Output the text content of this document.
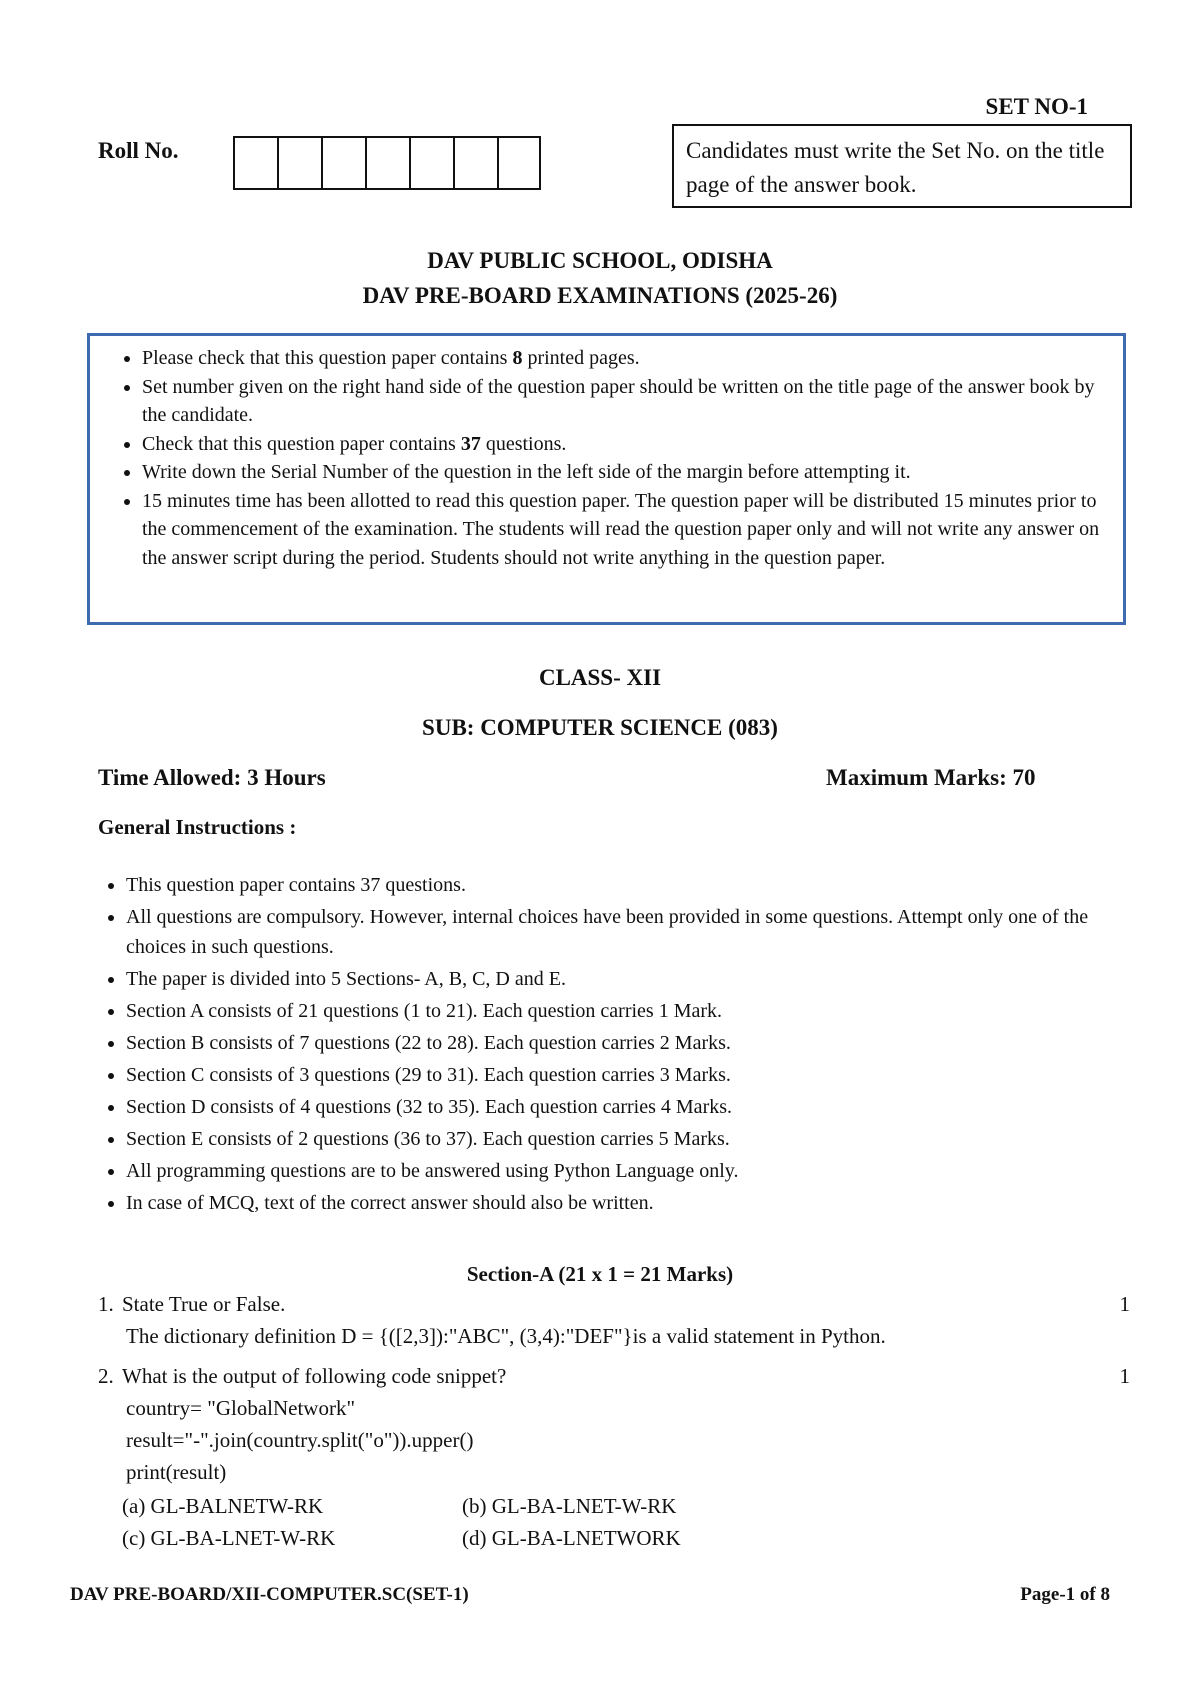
SET NO-1
Roll No.	Candidates must write the Set No. on the title page of the answer book.
DAV PUBLIC SCHOOL, ODISHA
DAV PRE-BOARD EXAMINATIONS (2025-26)
• Please check that this question paper contains 8 printed pages.
• Set number given on the right hand side of the question paper should be written on the title page of the answer book by the candidate.
• Check that this question paper contains 37 questions.
• Write down the Serial Number of the question in the left side of the margin before attempting it.
• 15 minutes time has been allotted to read this question paper. The question paper will be distributed 15 minutes prior to the commencement of the examination. The students will read the question paper only and will not write any answer on the answer script during the period. Students should not write anything in the question paper.
CLASS- XII
SUB: COMPUTER SCIENCE (083)
Time Allowed: 3 Hours	Maximum Marks: 70
General Instructions :
• This question paper contains 37 questions.
• All questions are compulsory. However, internal choices have been provided in some questions. Attempt only one of the choices in such questions.
• The paper is divided into 5 Sections- A, B, C, D and E.
• Section A consists of 21 questions (1 to 21). Each question carries 1 Mark.
• Section B consists of 7 questions (22 to 28). Each question carries 2 Marks.
• Section C consists of 3 questions (29 to 31). Each question carries 3 Marks.
• Section D consists of 4 questions (32 to 35). Each question carries 4 Marks.
• Section E consists of 2 questions (36 to 37). Each question carries 5 Marks.
• All programming questions are to be answered using Python Language only.
• In case of MCQ, text of the correct answer should also be written.
Section-A (21 x 1 = 21 Marks)
1. State True or False.	1
The dictionary definition D = {([2,3]):"ABC", (3,4):"DEF"}is a valid statement in Python.
2. What is the output of following code snippet?	1
country= "GlobalNetwork"
result="-".join(country.split("o")).upper()
print(result)
(a) GL-BALNETW-RK	(b) GL-BA-LNET-W-RK
(c) GL-BA-LNET-W-RK	(d) GL-BA-LNETWORK
DAV PRE-BOARD/XII-COMPUTER.SC(SET-1)	Page-1 of 8
